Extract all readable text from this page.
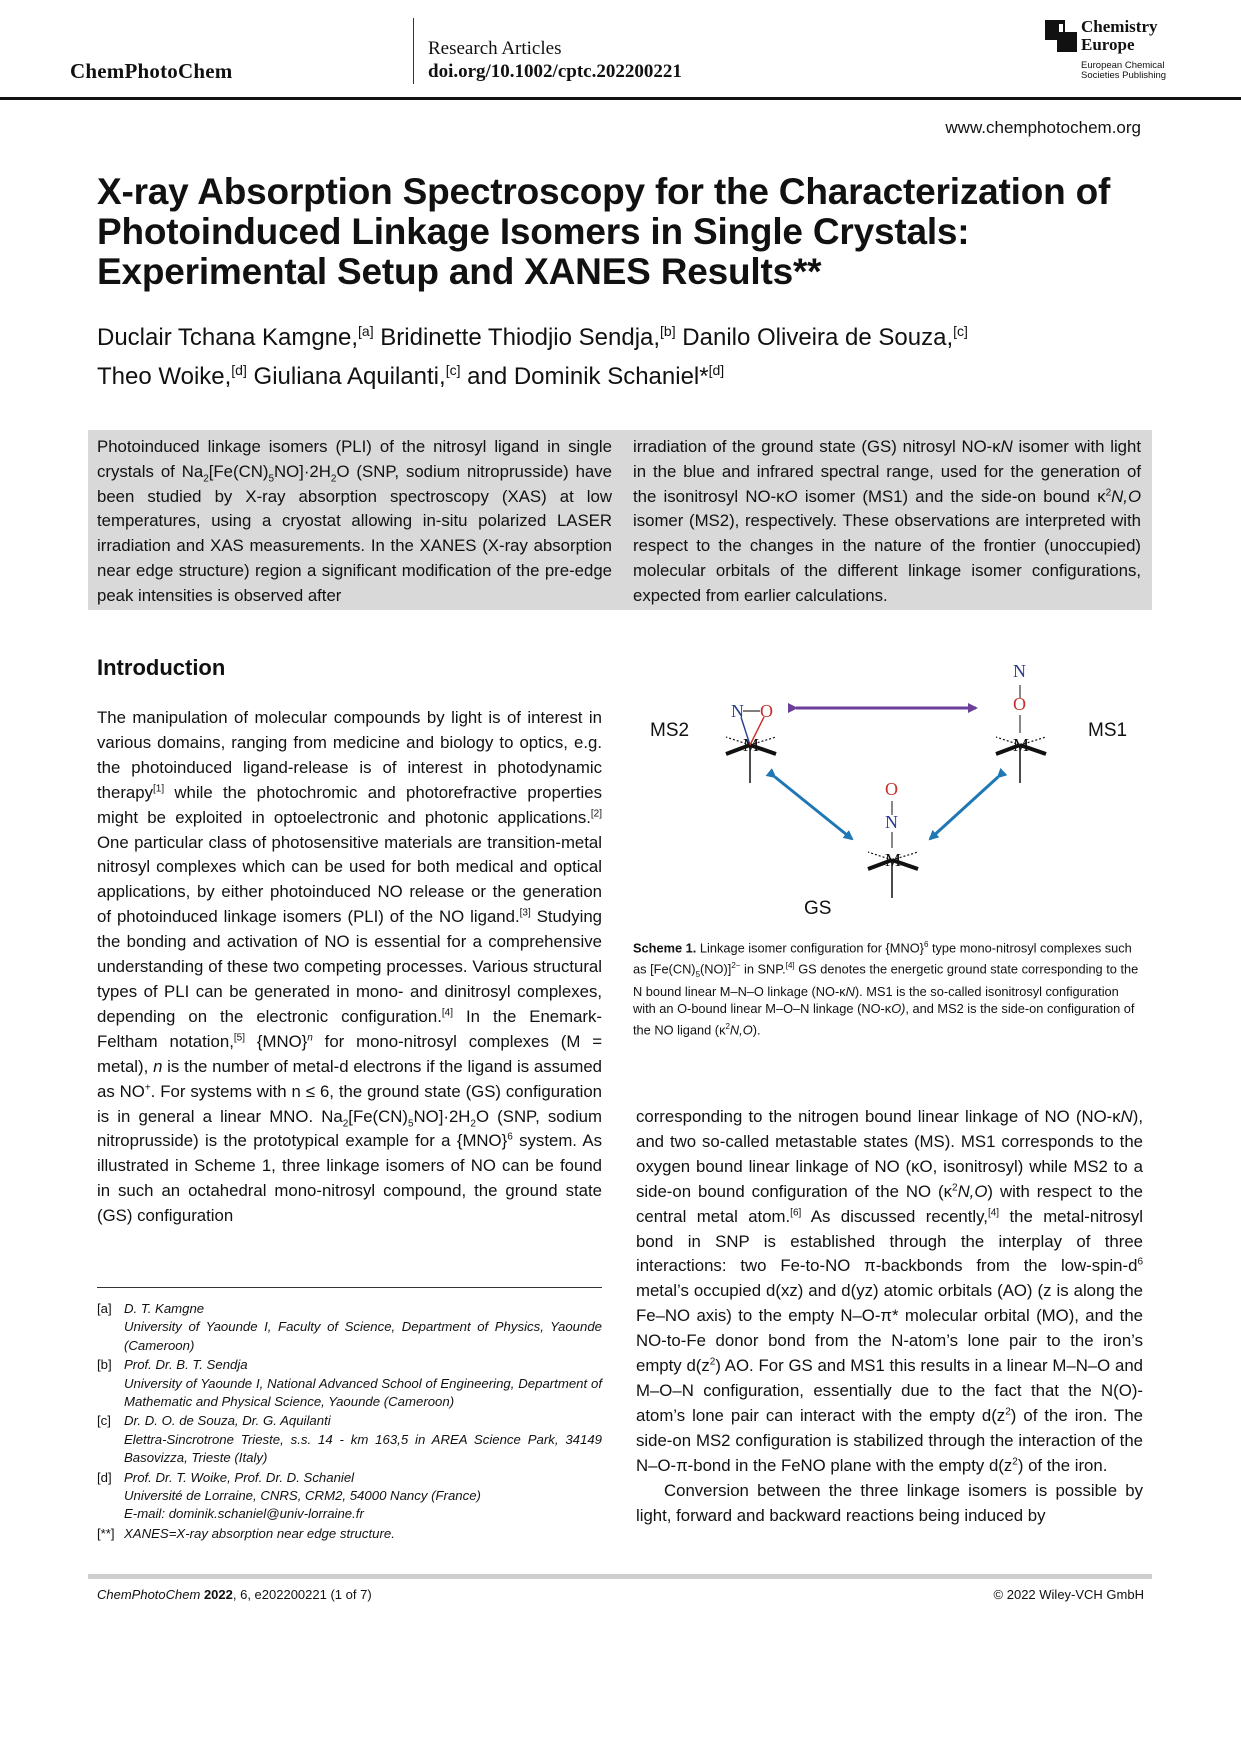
ChemPhotoChem
Research Articles
doi.org/10.1002/cptc.202200221
Chemistry
Europe
European Chemical
Societies Publishing
www.chemphotochem.org
X-ray Absorption Spectroscopy for the Characterization of Photoinduced Linkage Isomers in Single Crystals: Experimental Setup and XANES Results**
Duclair Tchana Kamgne,[a] Bridinette Thiodjio Sendja,[b] Danilo Oliveira de Souza,[c]
Theo Woike,[d] Giuliana Aquilanti,[c] and Dominik Schaniel*[d]
Photoinduced linkage isomers (PLI) of the nitrosyl ligand in single crystals of $Na_2[Fe(CN)_5NO]\cdot 2H_2O$ (SNP, sodium nitroprusside) have been studied by X-ray absorption spectroscopy (XAS) at low temperatures, using a cryostat allowing in-situ polarized LASER irradiation and XAS measurements. In the XANES (X-ray absorption near edge structure) region a significant modification of the pre-edge peak intensities is observed after
irradiation of the ground state (GS) nitrosyl NO-κN isomer with light in the blue and infrared spectral range, used for the generation of the isonitrosyl NO-κO isomer (MS1) and the side-on bound $\kappa^2N,O$ isomer (MS2), respectively. These observations are interpreted with respect to the changes in the nature of the frontier (unoccupied) molecular orbitals of the different linkage isomer configurations, expected from earlier calculations.
Introduction

The manipulation of molecular compounds by light is of interest in various domains, ranging from medicine and biology to optics, e.g. the photoinduced ligand-release is of interest in photodynamic therapy[1] while the photochromic and photorefractive properties might be exploited in optoelectronic and photonic applications.[2] One particular class of photosensitive materials are transition-metal nitrosyl complexes which can be used for both medical and optical applications, by either photoinduced NO release or the generation of photoinduced linkage isomers (PLI) of the NO ligand.[3] Studying the bonding and activation of NO is essential for a comprehensive understanding of these two competing processes. Various structural types of PLI can be generated in mono- and dinitrosyl complexes, depending on the electronic configuration.[4] In the Enemark-Feltham notation,[5] {MNO}$^n$ for mono-nitrosyl complexes (M = metal), n is the number of metal-d electrons if the ligand is assumed as NO+. For systems with n ≤ 6, the ground state (GS) configuration is in general a linear MNO. $Na_2[Fe(CN)_5NO]\cdot 2H_2O$ (SNP, sodium nitroprusside) is the prototypical example for a {MNO}$^6$ system. As illustrated in Scheme 1, three linkage isomers of NO can be found in such an octahedral mono-nitrosyl compound, the ground state (GS) configuration

N O
M
MS2
N
O
M
MS1
O
N
M
GS
Scheme 1. Linkage isomer configuration for {MNO}$^6$ type mono-nitrosyl complexes such as $[Fe(CN)_5(NO)]^{2-}$ in SNP.[4] GS denotes the energetic ground state corresponding to the N bound linear M–N–O linkage (NO-κN). MS1 is the so-called isonitrosyl configuration with an O-bound linear M–O–N linkage (NO-κO), and MS2 is the side-on configuration of the NO ligand $(\kappa^2N,O)$.

corresponding to the nitrogen bound linear linkage of NO (NO-κN), and two so-called metastable states (MS). MS1 corresponds to the oxygen bound linear linkage of NO (κO, isonitrosyl) while MS2 to a side-on bound configuration of the NO $(\kappa^2N,O)$ with respect to the central metal atom.[6] As discussed recently,[4] the metal-nitrosyl bond in SNP is established through the interplay of three interactions: two Fe-to-NO π-backbonds from the low-$spin-d^6$ metal’s occupied d(xz) and d(yz) atomic orbitals (AO) (z is along the Fe–NO axis) to the empty N–O-π* molecular orbital (MO), and the NO-to-Fe donor bond from the N-atom’s lone pair to the iron’s empty $d(z^2)$ AO. For GS and MS1 this results in a linear M–N–O and M–O–N configuration, essentially due to the fact that the N(O)-atom’s lone pair can interact with the empty $d(z^2)$ of the iron. The side-on MS2 configuration is stabilized through the interaction of the N–O-π-bond in the FeNO plane with the empty $d(z^2)$ of the iron.

Conversion between the three linkage isomers is possible by light, forward and backward reactions being induced by

[a] D. T. Kamgne
University of Yaounde I, Faculty of Science, Department of Physics, Yaounde (Cameroon)
[b] Prof. Dr. B. T. Sendja
University of Yaounde I, National Advanced School of Engineering, Department of Mathematic and Physical Science, Yaounde (Cameroon)
[c] Dr. D. O. de Souza, Dr. G. Aquilanti
Elettra-Sincrotrone Trieste, s.s. 14 - km 163,5 in AREA Science Park, 34149 Basovizza, Trieste (Italy)
[d] Prof. Dr. T. Woike, Prof. Dr. D. Schaniel
Université de Lorraine, CNRS, CRM2, 54000 Nancy (France)
E-mail: dominik.schaniel@univ-lorraine.fr
[**] XANES=X-ray absorption near edge structure.
ChemPhotoChem 2022, 6, e202200221 (1 of 7)	© 2022 Wiley-VCH GmbH
